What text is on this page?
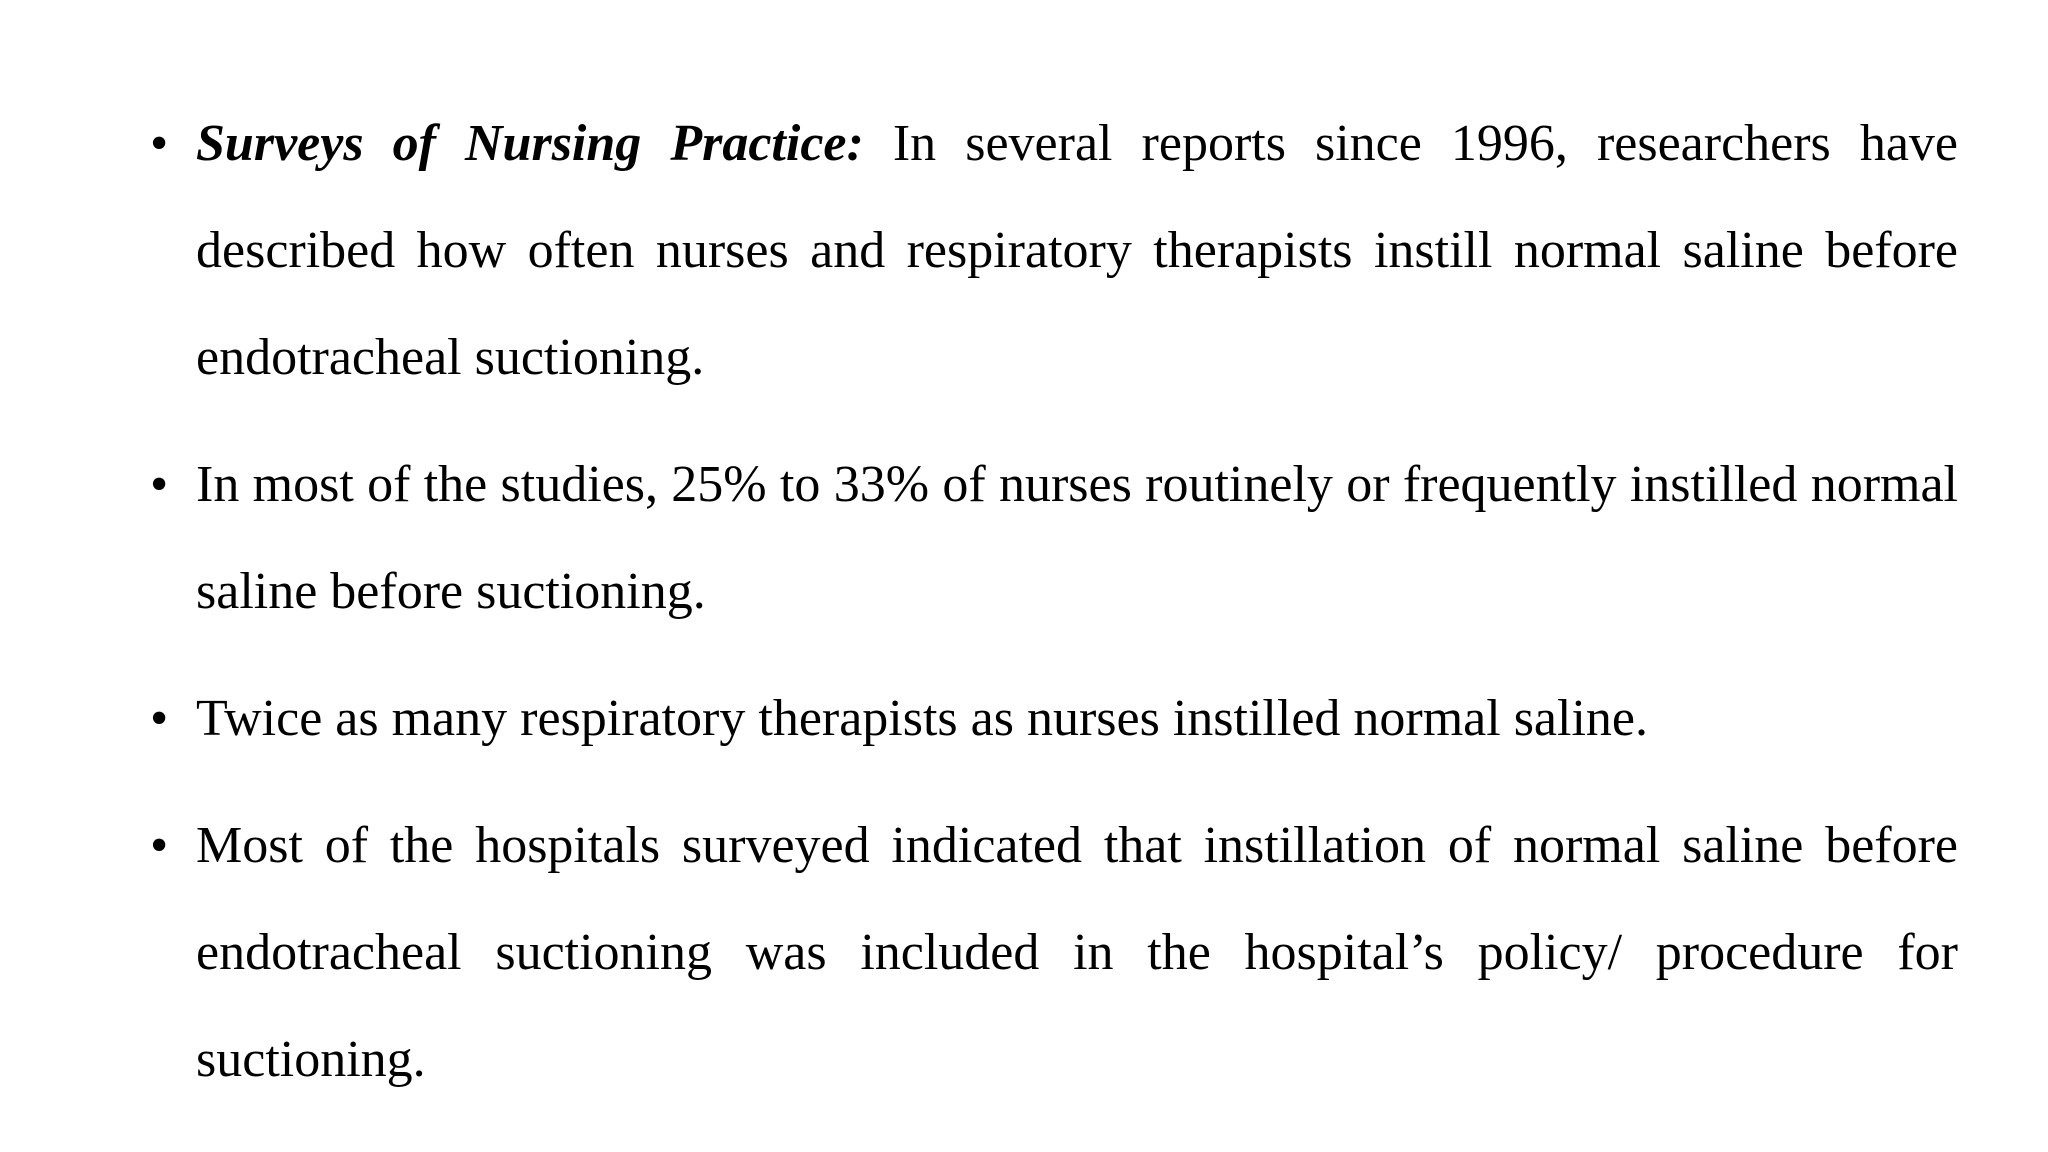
• Surveys of Nursing Practice: In several reports since 1996, researchers have described how often nurses and respiratory therapists instill normal saline before endotracheal suctioning.
• In most of the studies, 25% to 33% of nurses routinely or frequently instilled normal saline before suctioning.
• Twice as many respiratory therapists as nurses instilled normal saline.
• Most of the hospitals surveyed indicated that instillation of normal saline before endotracheal suctioning was included in the hospital’s policy/ procedure for suctioning.
